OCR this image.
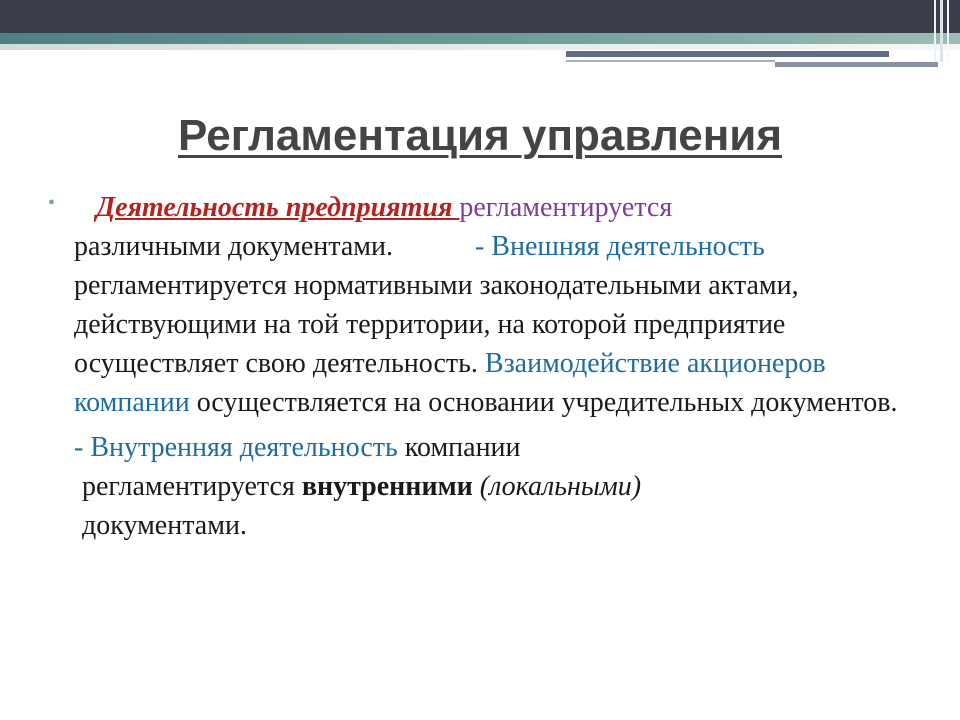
Регламентация управления
•	Деятельность предприятия регламентируется
различными документами.	- Внешняя деятельность регламентируется нормативными законодательными актами, действующими на той территории, на которой предприятие осуществляет свою деятельность. Взаимодействие акционеров компании осуществляется на основании учредительных документов.

- Внутренняя деятельность компании
регламентируется внутренними (локальными)
документами.
